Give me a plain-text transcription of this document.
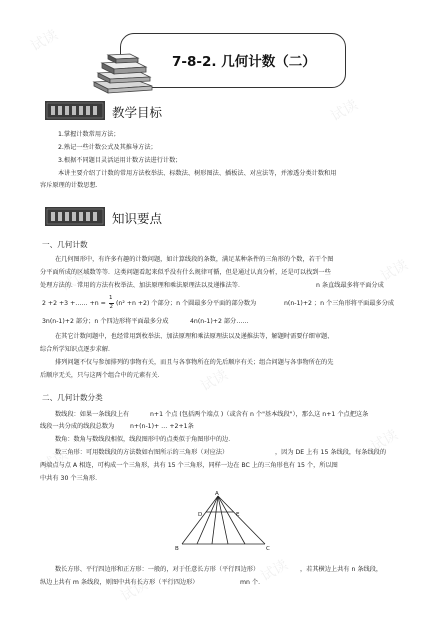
试读
试读
试读
试读
试读
试读
试读
试读
试读
7-8-2. 几何计数（二）
教学目标
1.掌握计数常用方法；
2.熟记一些计数公式及其推导方法；
3.根据不同题目灵活运用计数方法进行计数；
本讲主要介绍了计数的常用方法枚举法、标数法、树形图法、插板法、对应法等，并渗透分类计数和用
容斥原理的计数思想．
知识要点
一、几何计数
在几何图形中，有许多有趣的计数问题，如计算线段的条数，满足某种条件的三角形的个数，若干个图
分平面所成的区域数等等．这类问题看起来似乎没有什么规律可循，但是通过认真分析，还是可以找到一些
处理方法的．常用的方法有枚举法、加法原理和乘法原理法以及递推法等．	n 条直线最多将平面分成
2 +2 +3 +…… +n =
1
2 (n² +n +2) 个部分；n 个圆最多分平面的部分数为	n(n-1)+2 ；n 个三角形将平面最多分成
3n(n-1)+2 部分；n 个四边形将平面最多分成	4n(n-1)+2 部分……
在其它计数问题中，也经常用到枚举法、加法原理和乘法原理法以及递推法等，解题时需要仔细审题、
综合所学知识点逐步求解．
排列问题不仅与参加排列的事物有关，而且与各事物所在的先后顺序有关；组合问题与各事物所在的先
后顺序无关，只与这两个组合中的元素有关．
二、几何计数分类
数线段：如果一条线段上有	n+1 个点 (包括两个端点 )（或含有 n 个"基本线段"），那么这 n+1 个点把这条
线段一共分成的线段总数为	n+(n-1)+ … +2+1条
数角：数角与数线段相似，线段图形中的点类似于角图形中的边．
数三角形：可用数线段的方法数如右图所示的三角形（对应法）	，因为 DE 上有 15 条线段，每条线段的
两端点与点 A 相连，可构成一个三角形，共有 15 个三角形，同样一边在 BC 上的三角形也有 15 个，所以图
中共有 30 个三角形．
A
D	E
B	C
数长方形、平行四边形和正方形：一般的，对于任意长方形（平行四边形）	，若其横边上共有 n 条线段，
纵边上共有 m 条线段，则图中共有长方形（平行四边形）	mn 个．
